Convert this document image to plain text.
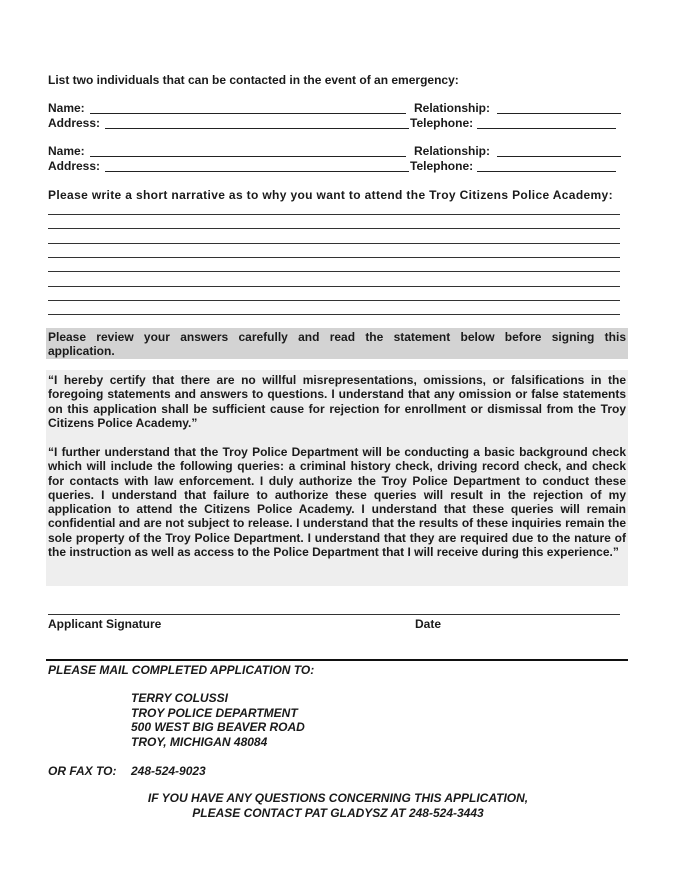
List two individuals that can be contacted in the event of an emergency:
Name:	Relationship:
Address:	Telephone:
Name:	Relationship:
Address:	Telephone:
Please write a short narrative as to why you want to attend the Troy Citizens Police Academy:

Please review your answers carefully and read the statement below before signing this application.

“I hereby certify that there are no willful misrepresentations, omissions, or falsifications in the foregoing statements and answers to questions. I understand that any omission or false statements on this application shall be sufficient cause for rejection for enrollment or dismissal from the Troy Citizens Police Academy.”

“I further understand that the Troy Police Department will be conducting a basic background check which will include the following queries: a criminal history check, driving record check, and check for contacts with law enforcement. I duly authorize the Troy Police Department to conduct these queries. I understand that failure to authorize these queries will result in the rejection of my application to attend the Citizens Police Academy. I understand that these queries will remain confidential and are not subject to release. I understand that the results of these inquiries remain the sole property of the Troy Police Department. I understand that they are required due to the nature of the instruction as well as access to the Police Department that I will receive during this experience.”

Applicant Signature	Date
PLEASE MAIL COMPLETED APPLICATION TO:
TERRY COLUSSI
TROY POLICE DEPARTMENT
500 WEST BIG BEAVER ROAD
TROY, MICHIGAN 48084
OR FAX TO: 248-524-9023
IF YOU HAVE ANY QUESTIONS CONCERNING THIS APPLICATION,
PLEASE CONTACT PAT GLADYSZ AT 248-524-3443
